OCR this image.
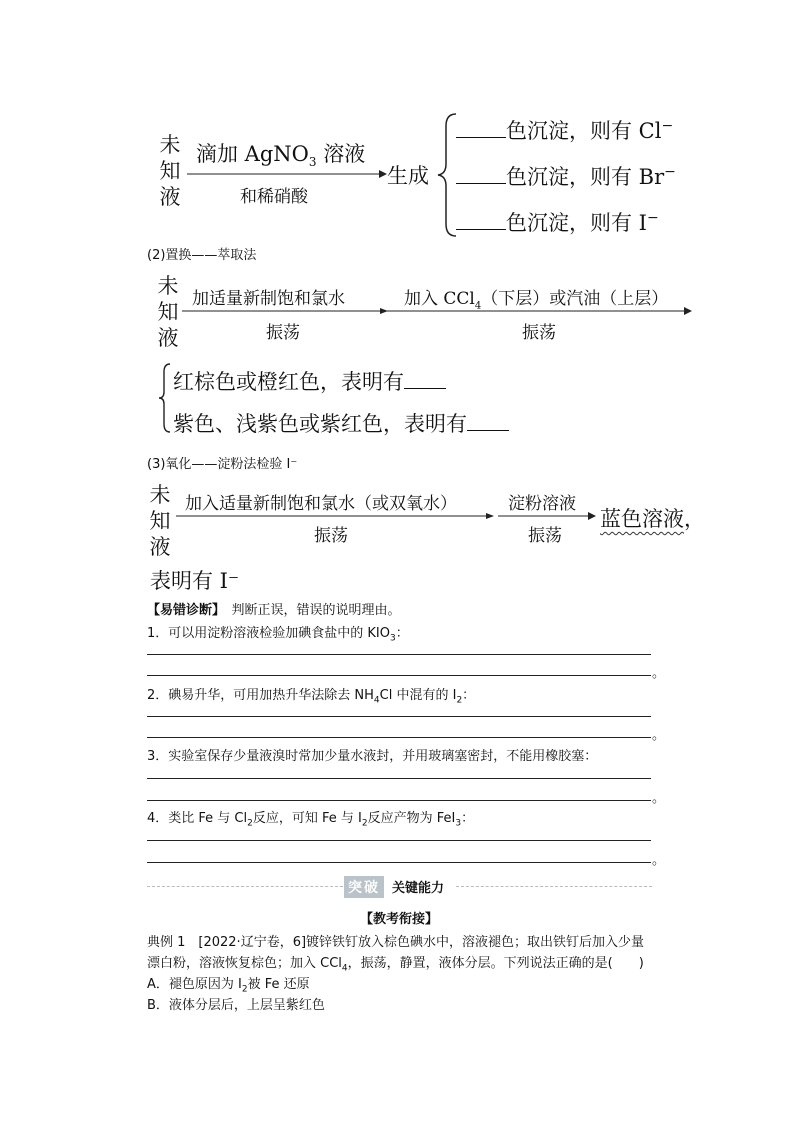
未
知
液
滴加 AgNO$_3$ 溶液
和稀硝酸
生成
色沉淀，则有 Cl−
色沉淀，则有 Br−
色沉淀，则有 I−
(2)置换——萃取法
未
知
液
加适量新制饱和氯水
振荡
加入 CCl$_4$（下层）或汽油（上层）
振荡
红棕色或橙红色，表明有
紫色、浅紫色或紫红色，表明有
(3)氧化——淀粉法检验 I⁻
未
知
液
加入适量新制饱和氯水（或双氧水）
振荡
淀粉溶液
振荡
蓝色溶液，
表明有 I⁻
【易错诊断】　 判断正误，错误的说明理由。
1．可以用淀粉溶液检验加碘食盐中的 $KIO_3$：
。
2．碘易升华，可用加热升华法除去 $NH_4Cl$ 中混有的 $I_2$：
。
3．实验室保存少量液溴时常加少量水液封，并用玻璃塞密封，不能用橡胶塞：
。
4．类比 Fe 与 $Cl_2$反应，可知 Fe 与 $I_2$反应产物为 FeI$_3$：
。
突破 关键能力
【教考衔接】
典例 1　[2022·辽宁卷，6]镀锌铁钉放入棕色碘水中，溶液褪色；取出铁钉后加入少量
漂白粉，溶液恢复棕色；加入 CCl$_4$，振荡，静置，液体分层。下列说法正确的是(　　)
A．褪色原因为 $I_2$被 Fe 还原
B．液体分层后，上层呈紫红色
